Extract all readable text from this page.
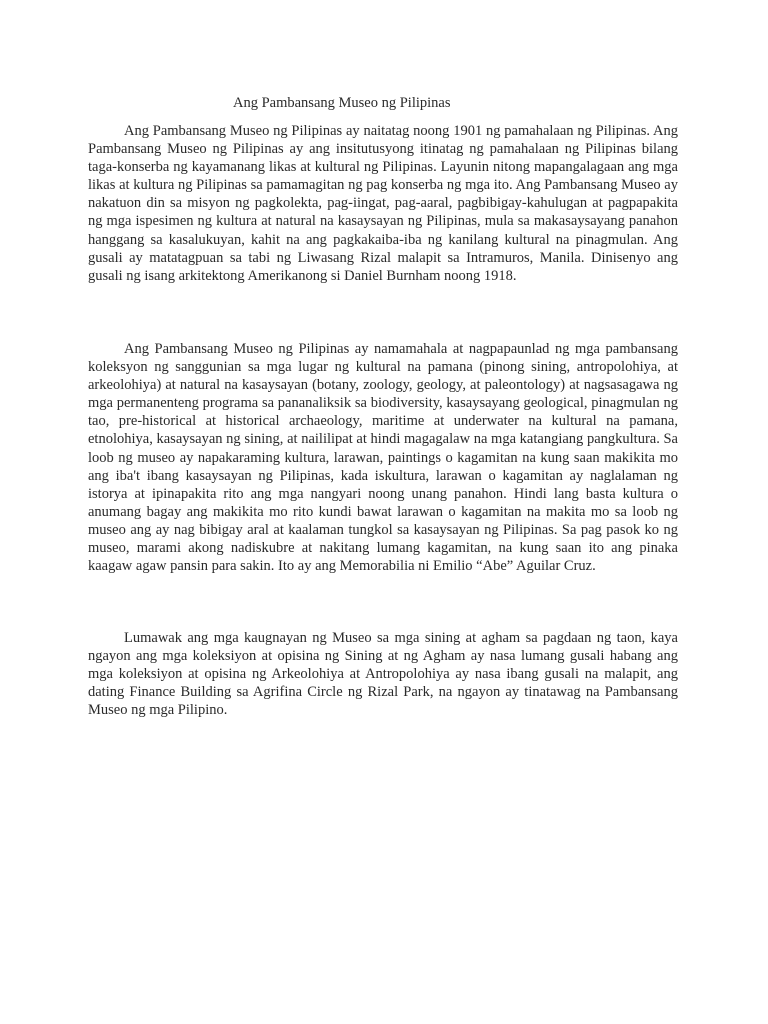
Ang Pambansang Museo ng Pilipinas

Ang Pambansang Museo ng Pilipinas ay naitatag noong 1901 ng pamahalaan ng Pilipinas. Ang Pambansang Museo ng Pilipinas ay ang insitutusyong itinatag ng pamahalaan ng Pilipinas bilang taga-konserba ng kayamanang likas at kultural ng Pilipinas. Layunin nitong mapangalagaan ang mga likas at kultura ng Pilipinas sa pamamagitan ng pag konserba ng mga ito. Ang Pambansang Museo ay nakatuon din sa misyon ng pagkolekta, pag-iingat, pag-aaral, pagbibigay-kahulugan at pagpapakita ng mga ispesimen ng kultura at natural na kasaysayan ng Pilipinas, mula sa makasaysayang panahon hanggang sa kasalukuyan, kahit na ang pagkakaiba-iba ng kanilang kultural na pinagmulan. Ang gusali ay matatagpuan sa tabi ng Liwasang Rizal malapit sa Intramuros, Manila. Dinisenyo ang gusali ng isang arkitektong Amerikanong si Daniel Burnham noong 1918.

Ang Pambansang Museo ng Pilipinas ay namamahala at nagpapaunlad ng mga pambansang koleksyon ng sanggunian sa mga lugar ng kultural na pamana (pinong sining, antropolohiya, at arkeolohiya) at natural na kasaysayan (botany, zoology, geology, at paleontology) at nagsasagawa ng mga permanenteng programa sa pananaliksik sa biodiversity, kasaysayang geological, pinagmulan ng tao, pre-historical at historical archaeology, maritime at underwater na kultural na pamana, etnolohiya, kasaysayan ng sining, at naililipat at hindi magagalaw na mga katangiang pangkultura. Sa loob ng museo ay napakaraming kultura, larawan, paintings o kagamitan na kung saan makikita mo ang iba't ibang kasaysayan ng Pilipinas, kada iskultura, larawan o kagamitan ay naglalaman ng istorya at ipinapakita rito ang mga nangyari noong unang panahon. Hindi lang basta kultura o anumang bagay ang makikita mo rito kundi bawat larawan o kagamitan na makita mo sa loob ng museo ang ay nag bibigay aral at kaalaman tungkol sa kasaysayan ng Pilipinas. Sa pag pasok ko ng museo, marami akong nadiskubre at nakitang lumang kagamitan, na kung saan ito ang pinaka kaagaw agaw pansin para sakin. Ito ay ang Memorabilia ni Emilio “Abe” Aguilar Cruz.

Lumawak ang mga kaugnayan ng Museo sa mga sining at agham sa pagdaan ng taon, kaya ngayon ang mga koleksiyon at opisina ng Sining at ng Agham ay nasa lumang gusali habang ang mga koleksiyon at opisina ng Arkeolohiya at Antropolohiya ay nasa ibang gusali na malapit, ang dating Finance Building sa Agrifina Circle ng Rizal Park, na ngayon ay tinatawag na Pambansang Museo ng mga Pilipino.
